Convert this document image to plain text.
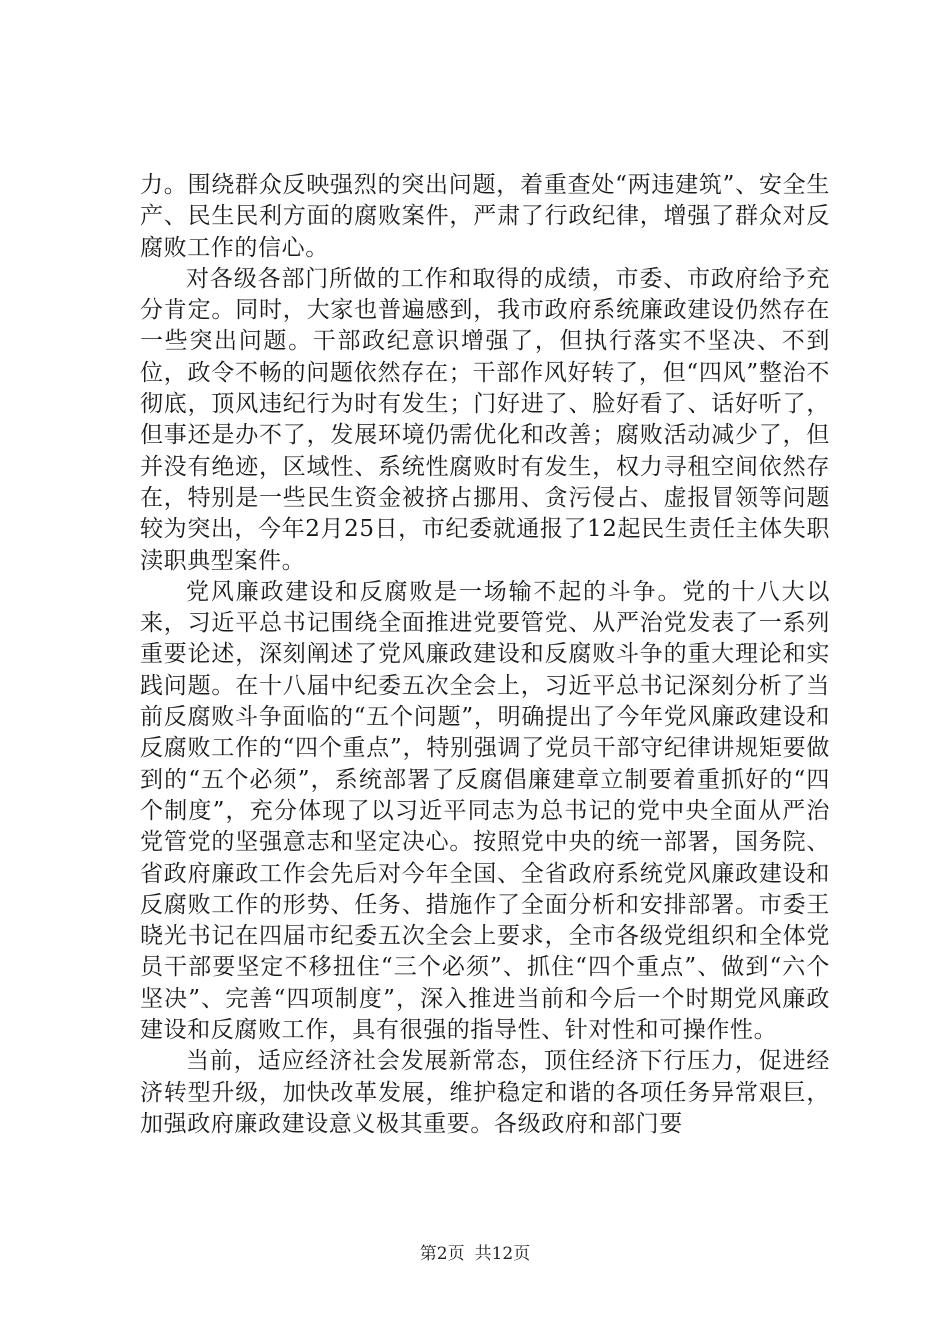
力。围绕群众反映强烈的突出问题，着重查处“两违建筑”、安全生产、民生民利方面的腐败案件，严肃了行政纪律，增强了群众对反腐败工作的信心。

对各级各部门所做的工作和取得的成绩，市委、市政府给予充分肯定。同时，大家也普遍感到，我市政府系统廉政建设仍然存在一些突出问题。干部政纪意识增强了，但执行落实不坚决、不到位，政令不畅的问题依然存在；干部作风好转了，但“四风”整治不彻底，顶风违纪行为时有发生；门好进了、脸好看了、话好听了，但事还是办不了，发展环境仍需优化和改善；腐败活动减少了，但并没有绝迹，区域性、系统性腐败时有发生，权力寻租空间依然存在，特别是一些民生资金被挤占挪用、贪污侵占、虚报冒领等问题较为突出，今年2月25日，市纪委就通报了12起民生责任主体失职渎职典型案件。

党风廉政建设和反腐败是一场输不起的斗争。党的十八大以来，习近平总书记围绕全面推进党要管党、从严治党发表了一系列重要论述，深刻阐述了党风廉政建设和反腐败斗争的重大理论和实践问题。在十八届中纪委五次全会上，习近平总书记深刻分析了当前反腐败斗争面临的“五个问题”，明确提出了今年党风廉政建设和反腐败工作的“四个重点”，特别强调了党员干部守纪律讲规矩要做到的“五个必须”，系统部署了反腐倡廉建章立制要着重抓好的“四个制度”，充分体现了以习近平同志为总书记的党中央全面从严治党管党的坚强意志和坚定决心。按照党中央的统一部署，国务院、省政府廉政工作会先后对今年全国、全省政府系统党风廉政建设和反腐败工作的形势、任务、措施作了全面分析和安排部署。市委王晓光书记在四届市纪委五次全会上要求，全市各级党组织和全体党员干部要坚定不移扭住“三个必须”、抓住“四个重点”、做到“六个坚决”、完善“四项制度”，深入推进当前和今后一个时期党风廉政建设和反腐败工作，具有很强的指导性、针对性和可操作性。

当前，适应经济社会发展新常态，顶住经济下行压力，促进经济转型升级，加快改革发展，维护稳定和谐的各项任务异常艰巨，加强政府廉政建设意义极其重要。各级政府和部门要

第2页 共12页
